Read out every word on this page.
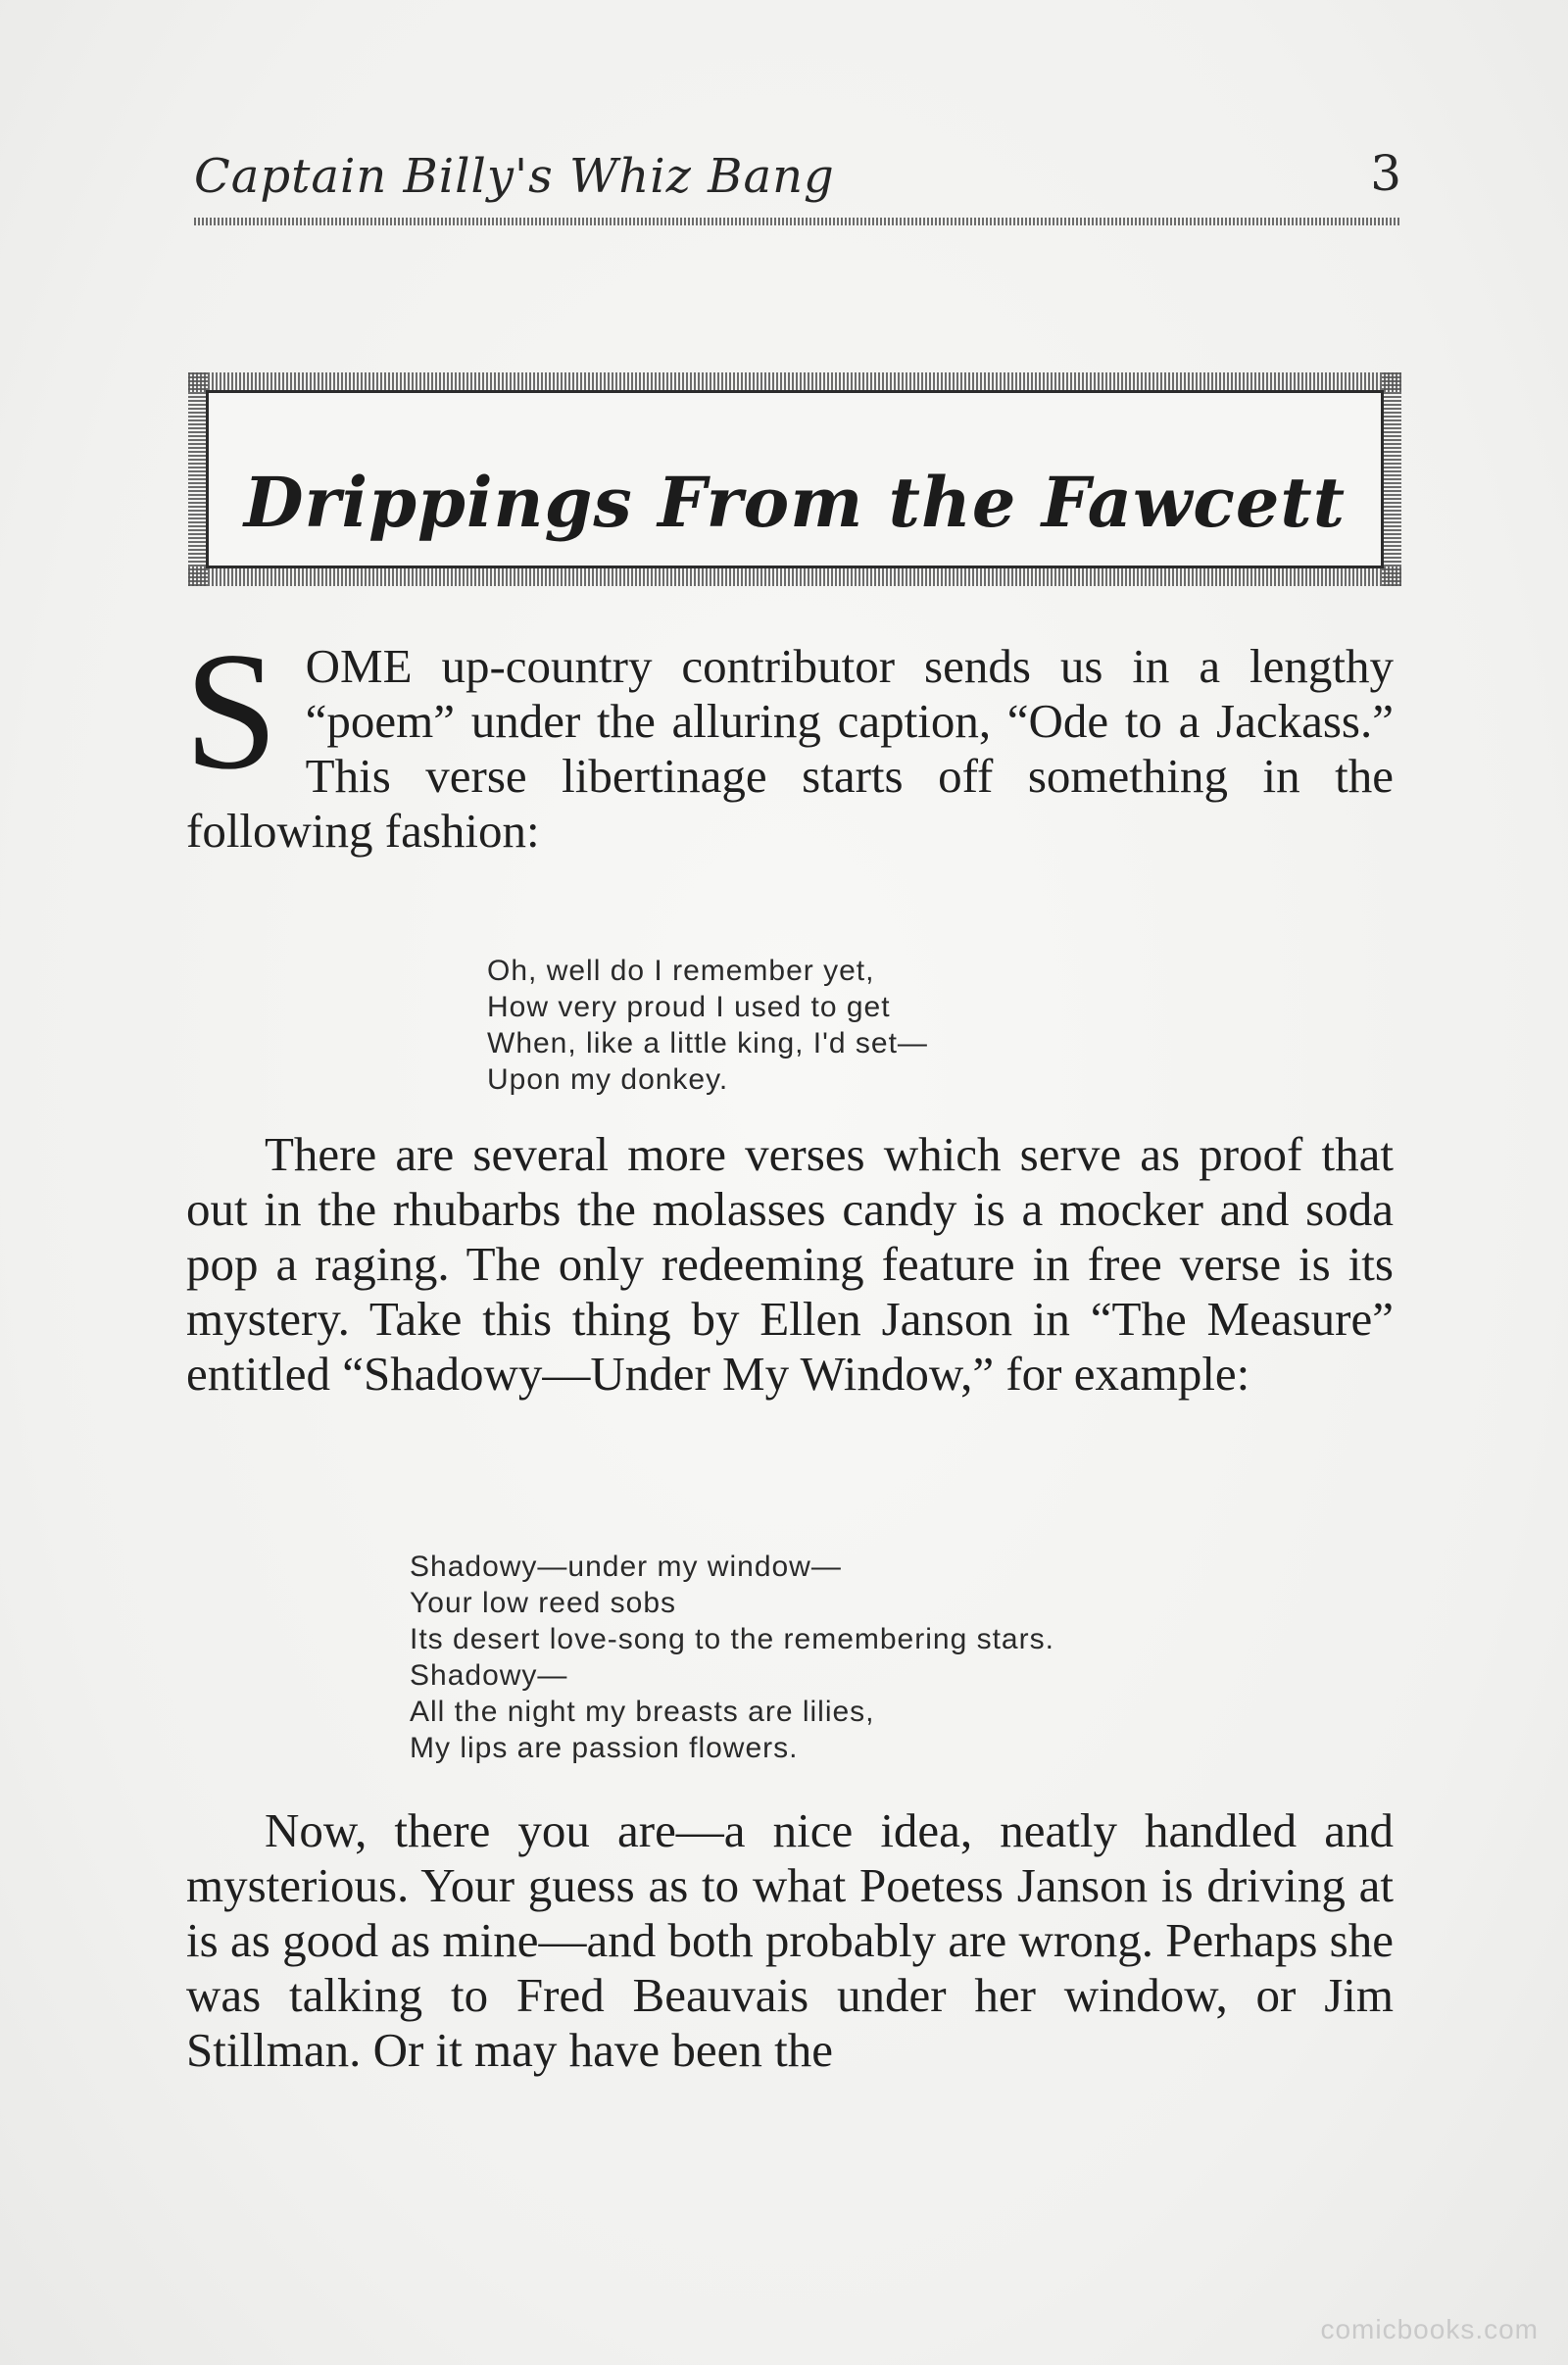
Captain Billy's Whiz Bang	3
Drippings From the Fawcett

SOME up-country contributor sends us in a lengthy “poem” under the alluring caption, “Ode to a Jackass.” This verse libertinage starts off something in the following fashion:

Oh, well do I remember yet,
How very proud I used to get
When, like a little king, I'd set—
Upon my donkey.

There are several more verses which serve as proof that out in the rhubarbs the molasses candy is a mocker and soda pop a raging. The only redeeming feature in free verse is its mystery. Take this thing by Ellen Janson in “The Measure” entitled “Shadowy—Under My Window,” for example:

Shadowy—under my window—
Your low reed sobs
Its desert love-song to the remembering stars.
Shadowy—
All the night my breasts are lilies,
My lips are passion flowers.

Now, there you are—a nice idea, neatly handled and mysterious. Your guess as to what Poetess Janson is driving at is as good as mine—and both probably are wrong. Perhaps she was talking to Fred Beauvais under her window, or Jim Stillman. Or it may have been the

comicbooks.com
